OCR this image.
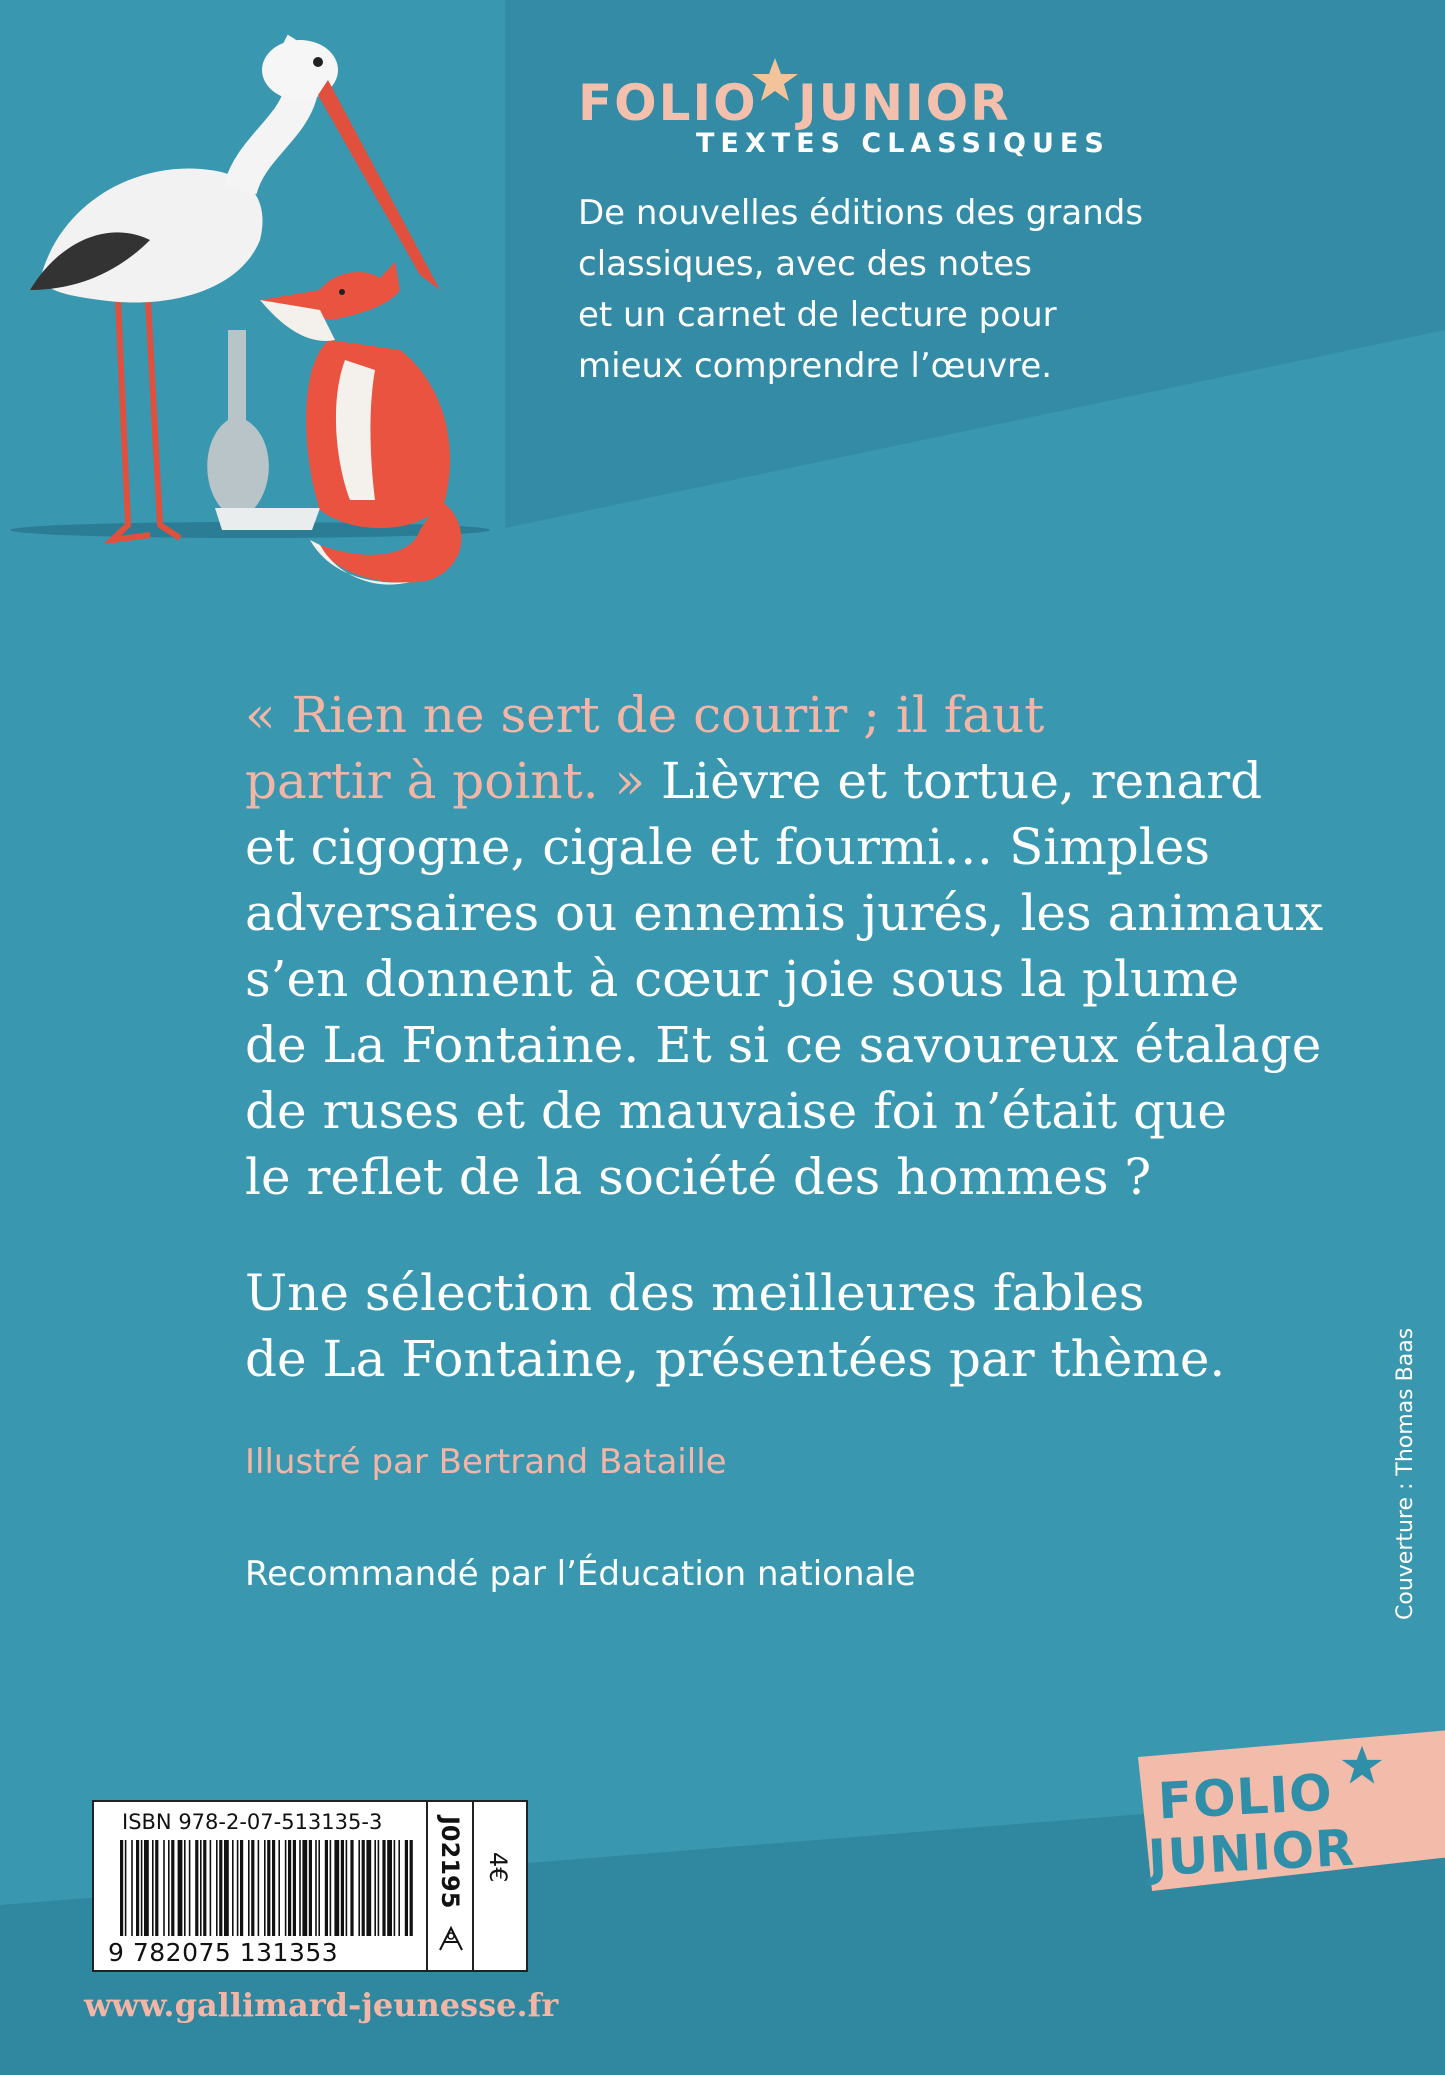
FOLIO JUNIOR
TEXTES CLASSIQUES
De nouvelles éditions des grands
classiques, avec des notes
et un carnet de lecture pour
mieux comprendre l’œuvre.
« Rien ne sert de courir ; il faut
partir à point. » Lièvre et tortue, renard
et cigogne, cigale et fourmi… Simples
adversaires ou ennemis jurés, les animaux
s’en donnent à cœur joie sous la plume
de La Fontaine. Et si ce savoureux étalage
de ruses et de mauvaise foi n’était que
le reflet de la société des hommes ?
Une sélection des meilleures fables
de La Fontaine, présentées par thème.
Illustré par Bertrand Bataille
Recommandé par l’Éducation nationale	Couverture : Thomas Baas
ISBN 978-2-07-513135-3
9 782075 131353
J02195 4€
www.gallimard-jeunesse.fr
FOLIO
JUNIOR
